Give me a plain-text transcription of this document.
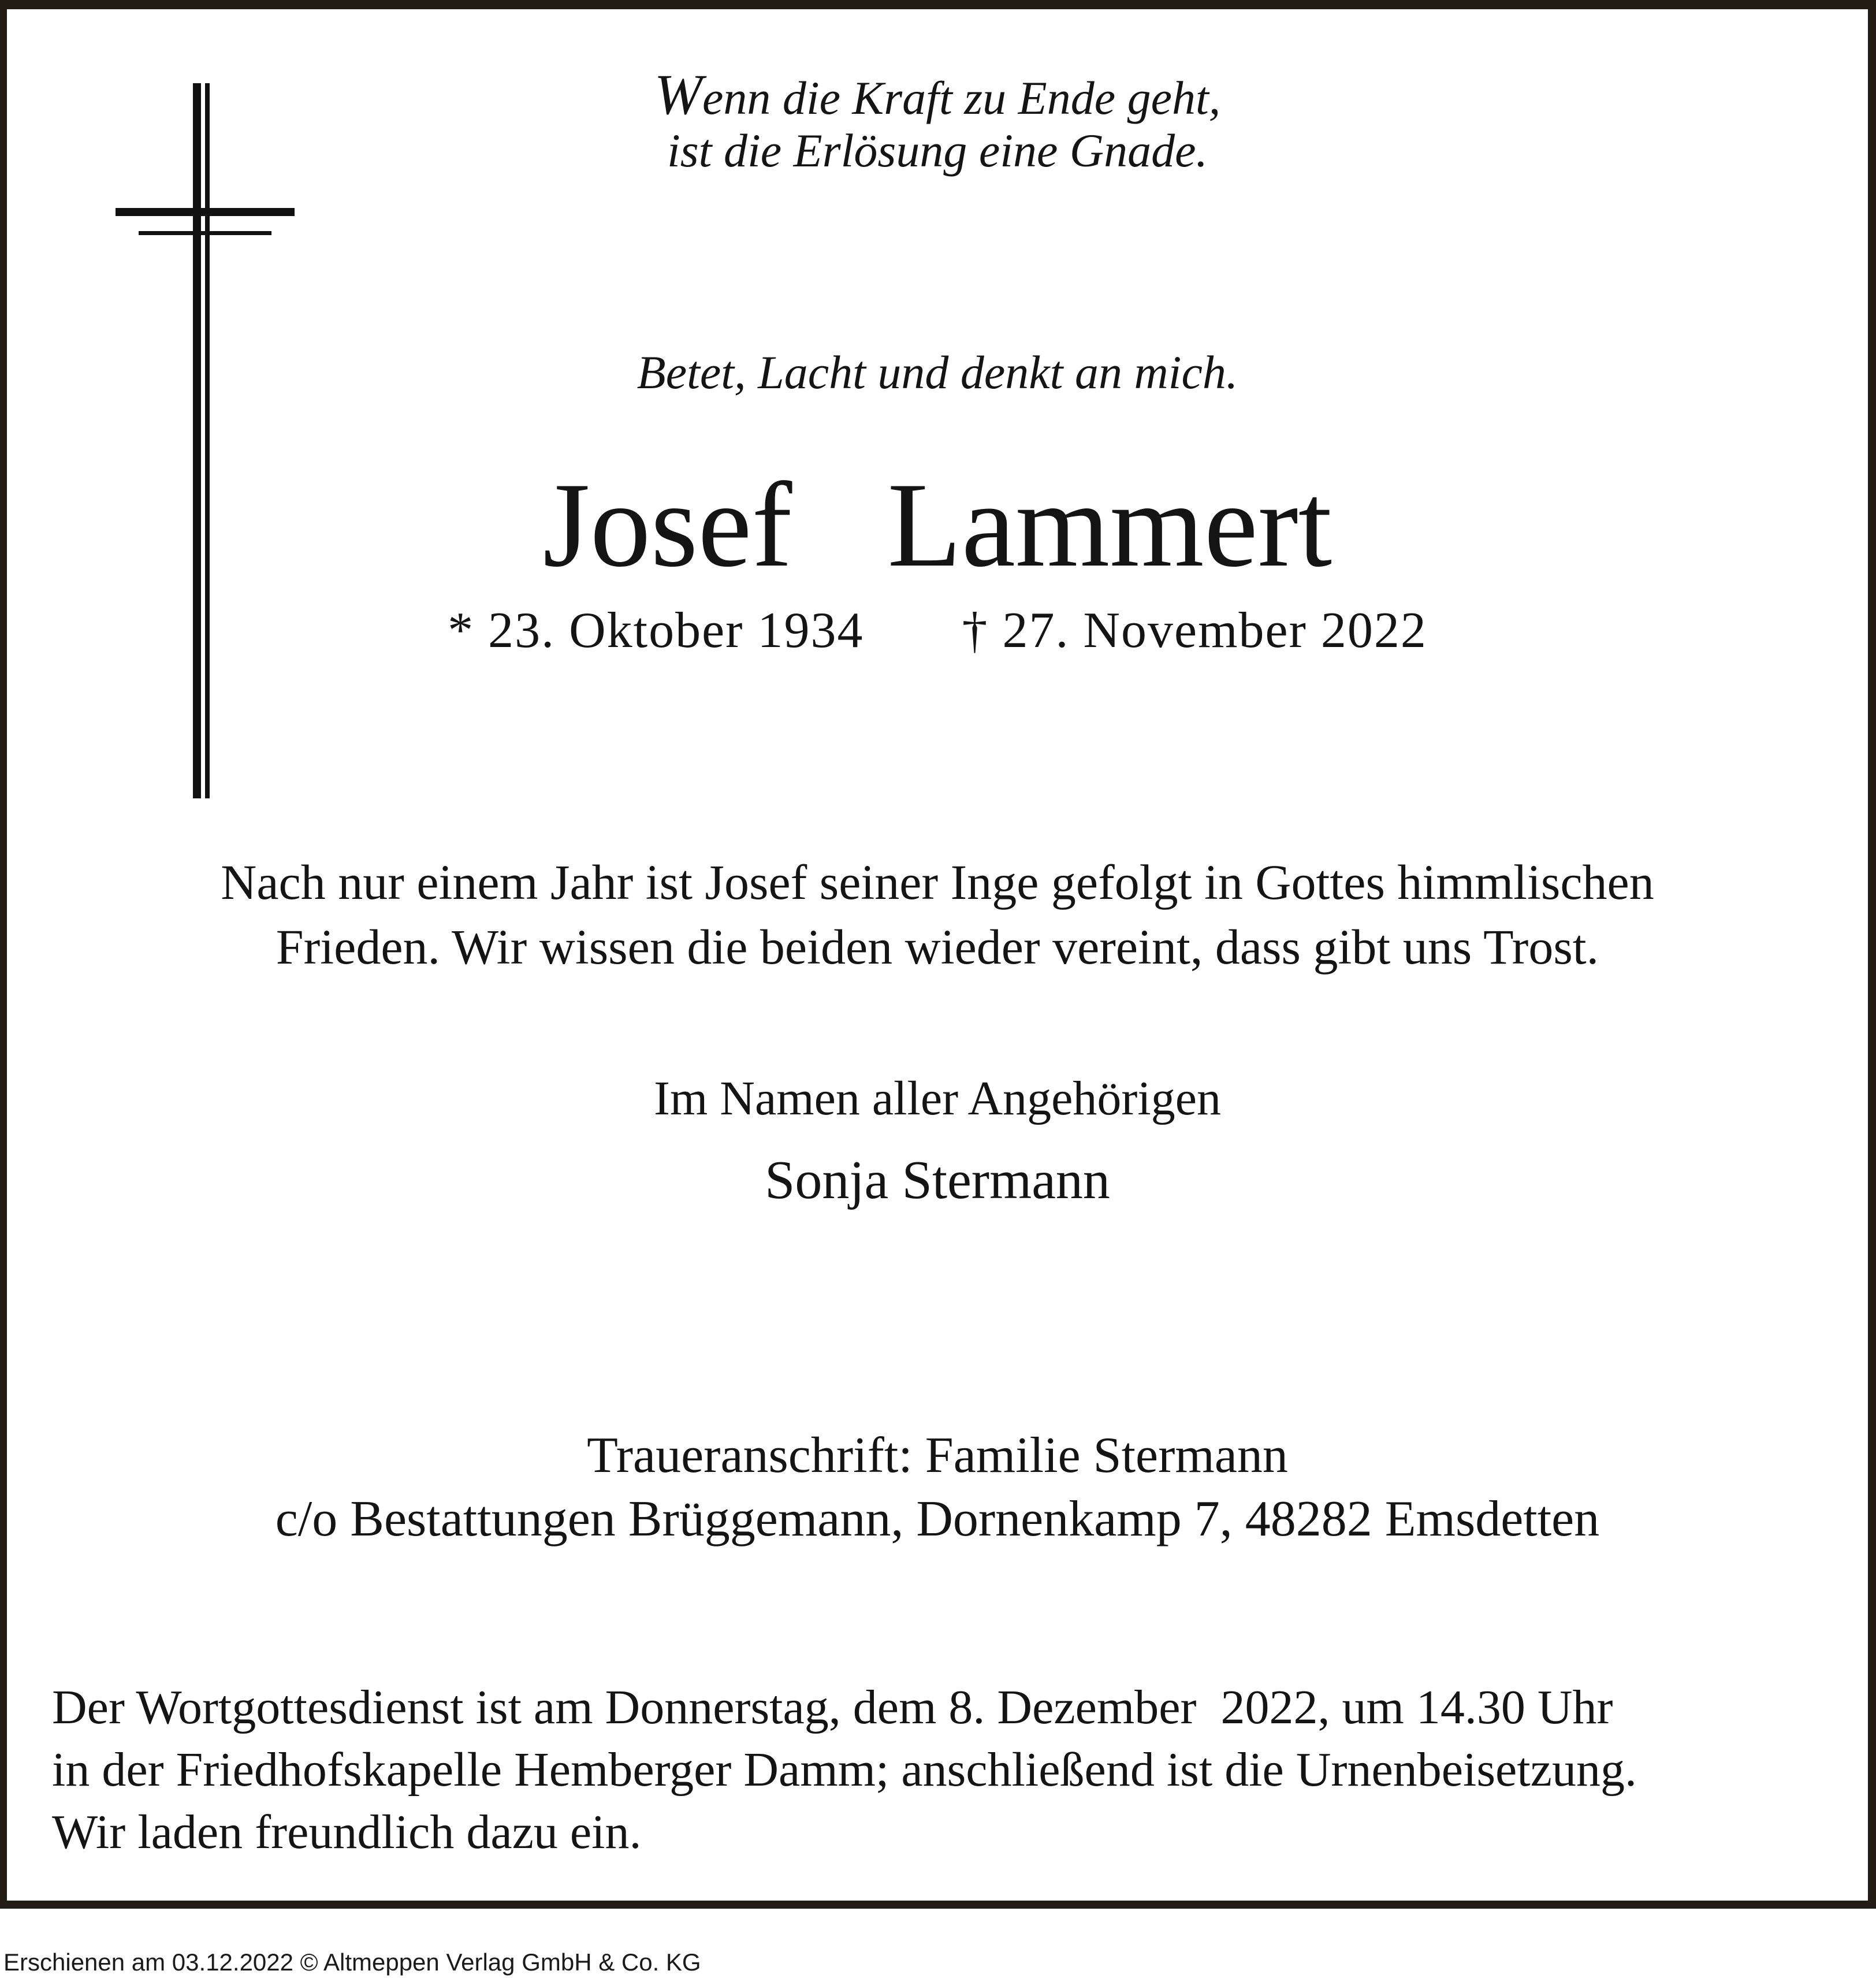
Wenn die Kraft zu Ende geht,
ist die Erlösung eine Gnade.
Betet, Lacht und denkt an mich.
Josef  Lammert
* 23. Oktober 1934 † 27. November 2022
Nach nur einem Jahr ist Josef seiner Inge gefolgt in Gottes himmlischen
Frieden. Wir wissen die beiden wieder vereint, dass gibt uns Trost.
Im Namen aller Angehörigen
Sonja Stermann
Traueranschrift: Familie Stermann
c/o Bestattungen Brüggemann, Dornenkamp 7, 48282 Emsdetten
Der Wortgottesdienst ist am Donnerstag, dem 8. Dezember  2022, um 14.30 Uhr
in der Friedhofskapelle Hemberger Damm; anschließend ist die Urnenbeisetzung.
Wir laden freundlich dazu ein.
Erschienen am 03.12.2022 © Altmeppen Verlag GmbH & Co. KG
